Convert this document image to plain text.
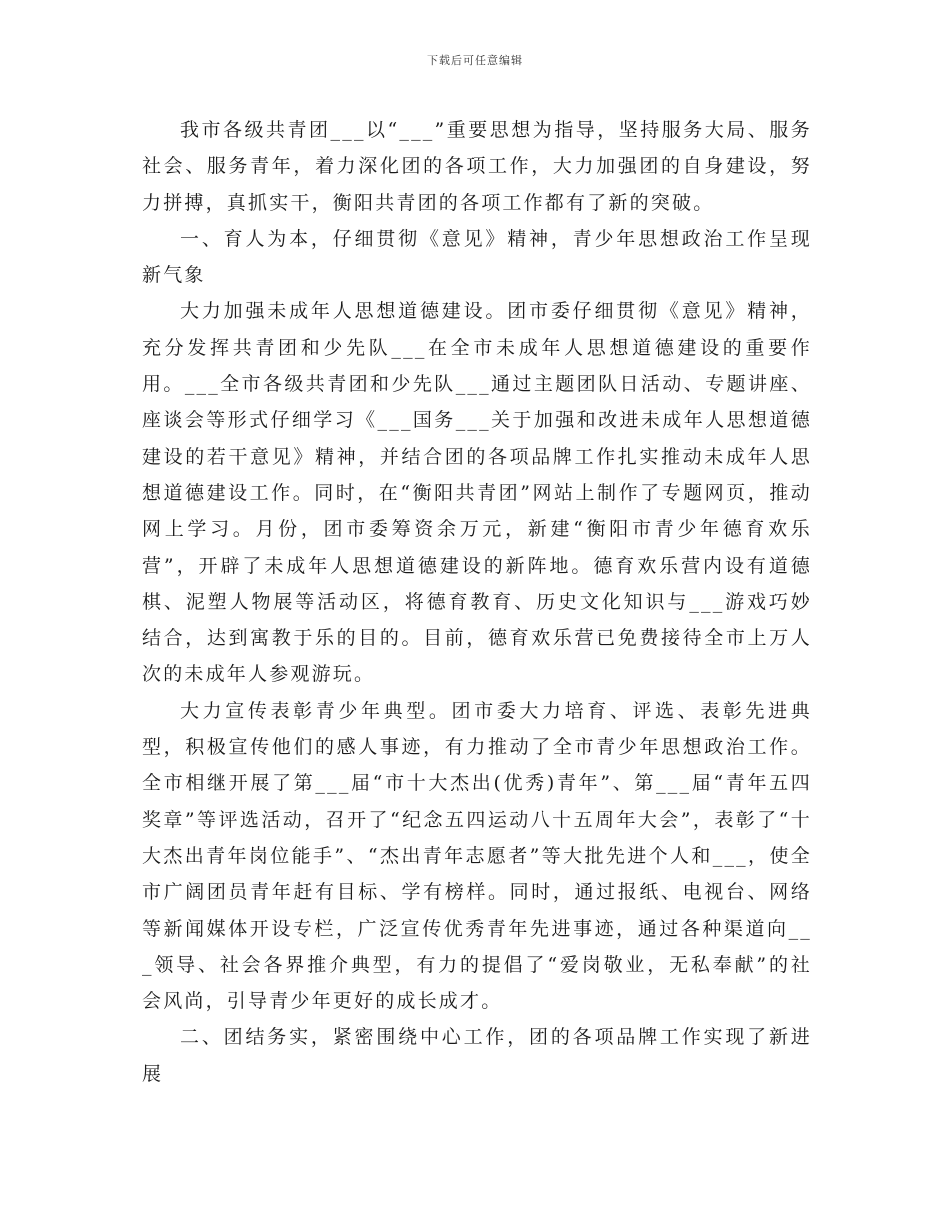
下载后可任意编辑

我市各级共青团___以“___”重要思想为指导，坚持服务大局、服务社会、服务青年，着力深化团的各项工作，大力加强团的自身建设，努力拼搏，真抓实干，衡阳共青团的各项工作都有了新的突破。

一、育人为本，仔细贯彻《意见》精神，青少年思想政治工作呈现新气象

大力加强未成年人思想道德建设。团市委仔细贯彻《意见》精神，充分发挥共青团和少先队___在全市未成年人思想道德建设的重要作用。___全市各级共青团和少先队___通过主题团队日活动、专题讲座、座谈会等形式仔细学习《___国务___关于加强和改进未成年人思想道德建设的若干意见》精神，并结合团的各项品牌工作扎实推动未成年人思想道德建设工作。同时，在“衡阳共青团”网站上制作了专题网页，推动网上学习。月份，团市委筹资余万元，新建“衡阳市青少年德育欢乐营”，开辟了未成年人思想道德建设的新阵地。德育欢乐营内设有道德棋、泥塑人物展等活动区，将德育教育、历史文化知识与___游戏巧妙结合，达到寓教于乐的目的。目前，德育欢乐营已免费接待全市上万人次的未成年人参观游玩。

大力宣传表彰青少年典型。团市委大力培育、评选、表彰先进典型，积极宣传他们的感人事迹，有力推动了全市青少年思想政治工作。全市相继开展了第___届“市十大杰出(优秀)青年”、第___届“青年五四奖章”等评选活动，召开了“纪念五四运动八十五周年大会”，表彰了“十大杰出青年岗位能手”、“杰出青年志愿者”等大批先进个人和___，使全市广阔团员青年赶有目标、学有榜样。同时，通过报纸、电视台、网络等新闻媒体开设专栏，广泛宣传优秀青年先进事迹，通过各种渠道向___领导、社会各界推介典型，有力的提倡了“爱岗敬业，无私奉献”的社会风尚，引导青少年更好的成长成才。

二、团结务实，紧密围绕中心工作，团的各项品牌工作实现了新进展
